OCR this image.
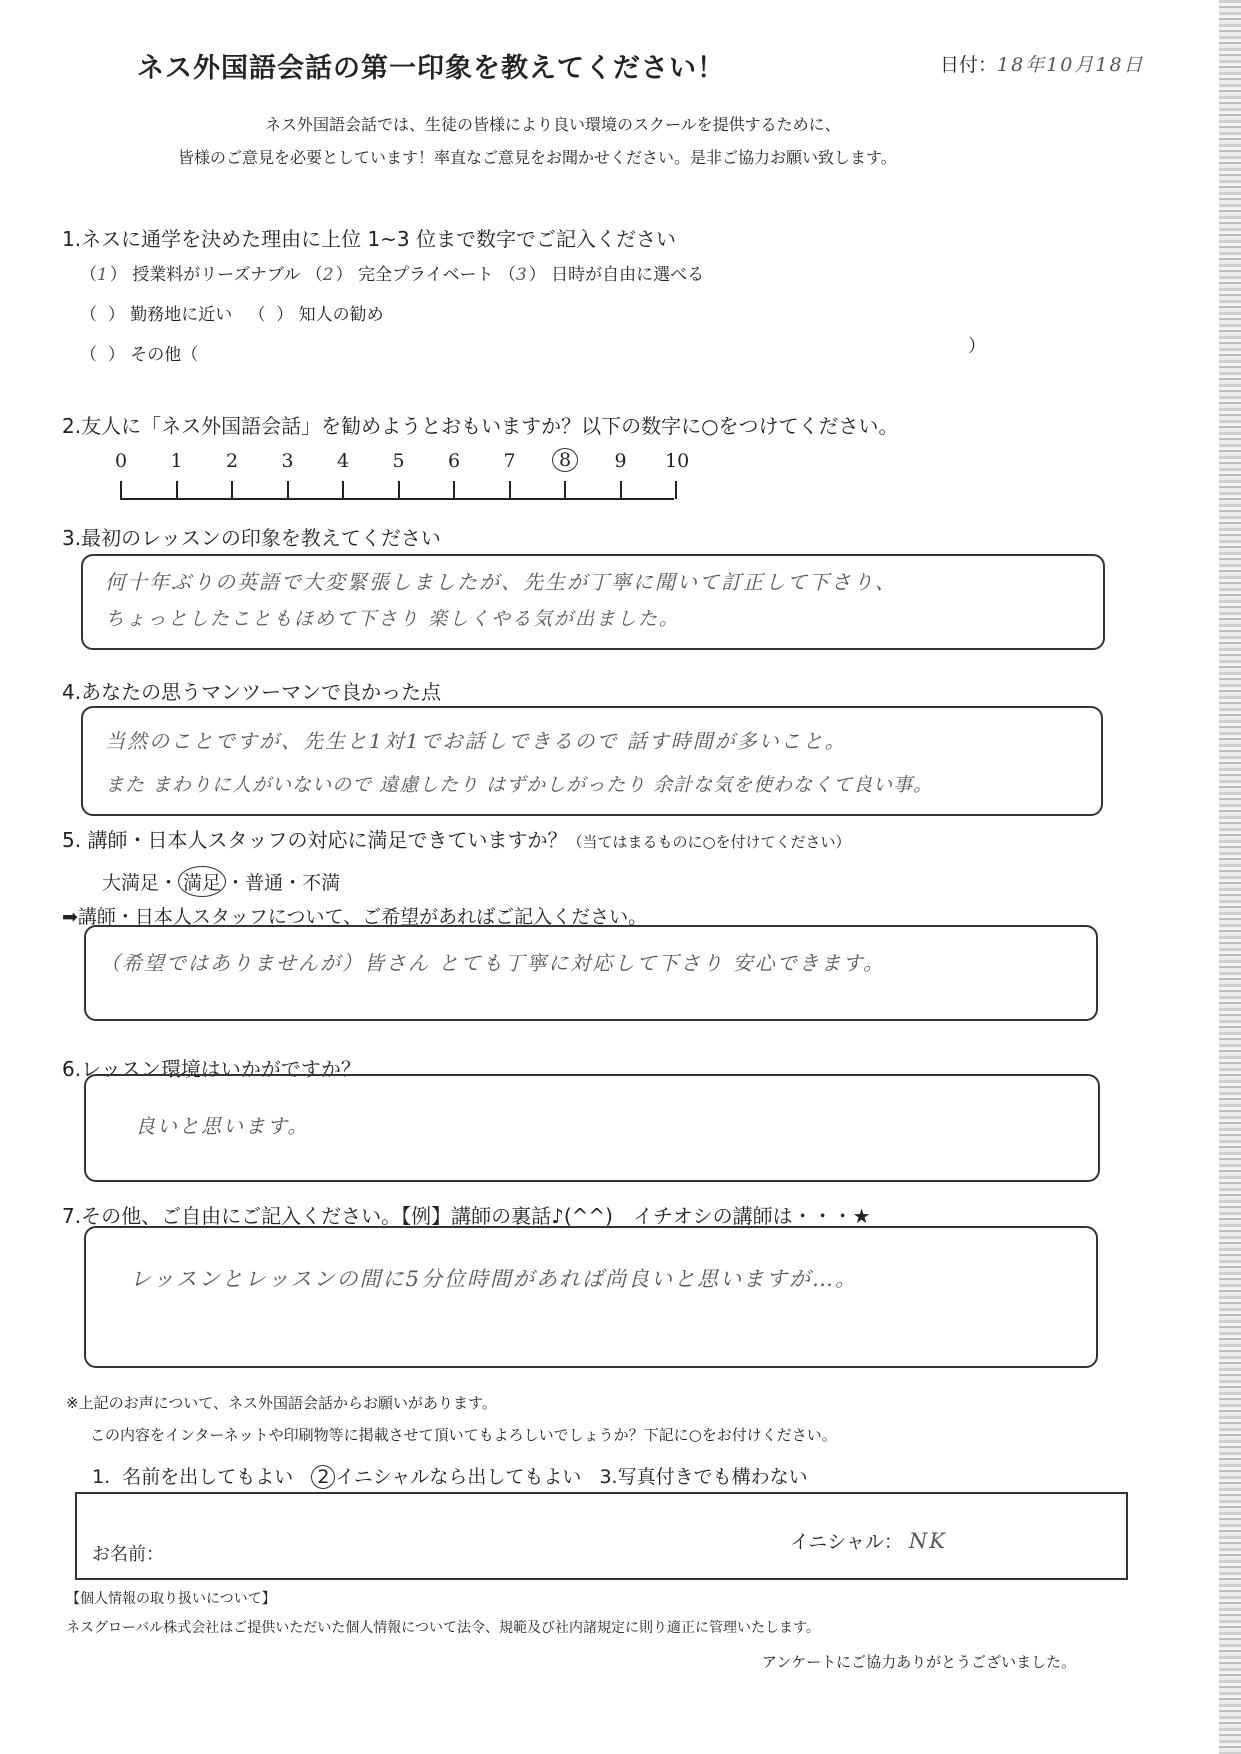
ネス外国語会話の第一印象を教えてください！	日付：18年10月18日
ネス外国語会話では、生徒の皆様により良い環境のスクールを提供するために、
皆様のご意見を必要としています！率直なご意見をお聞かせください。是非ご協力お願い致します。
1.ネスに通学を決めた理由に上位 1~3 位まで数字でご記入ください
（1） 授業料がリーズナブル （2） 完全プライベート （3） 日時が自由に選べる
（ ） 勤務地に近い （ ） 知人の勧め
（ ） その他（	）
2.友人に「ネス外国語会話」を勧めようとおもいますか？以下の数字に○をつけてください。
0 1 2 3 4 5 6 7	8	9 10
3.最初のレッスンの印象を教えてください
何十年ぶりの英語で大変緊張しましたが、先生が丁寧に聞いて訂正して下さり、
ちょっとしたこともほめて下さり 楽しくやる気が出ました。
4.あなたの思うマンツーマンで良かった点
当然のことですが、先生と1対1でお話しできるので 話す時間が多いこと。
また まわりに人がいないので 遠慮したり はずかしがったり 余計な気を使わなくて良い事。
5. 講師・日本人スタッフの対応に満足できていますか？（当てはまるものに○を付けてください）
大満足・ 満足 ・普通・不満
➡講師・日本人スタッフについて、ご希望があればご記入ください。
（希望ではありませんが）皆さん とても丁寧に対応して下さり 安心できます。
6.レッスン環境はいかがですか？
良いと思います。
7.その他、ご自由にご記入ください。【例】講師の裏話♪(^^)　イチオシの講師は・・・★
レッスンとレッスンの間に5分位時間があれば尚良いと思いますが…。
※上記のお声について、ネス外国語会話からお願いがあります。
この内容をインターネットや印刷物等に掲載させて頂いてもよろしいでしょうか？下記に○をお付けください。
1. 名前を出してもよい 2 イニシャルなら出してもよい 3.写真付きでも構わない
お名前：
イニシャル： NK
【個人情報の取り扱いについて】
ネスグローバル株式会社はご提供いただいた個人情報について法令、規範及び社内諸規定に則り適正に管理いたします。
アンケートにご協力ありがとうございました。
